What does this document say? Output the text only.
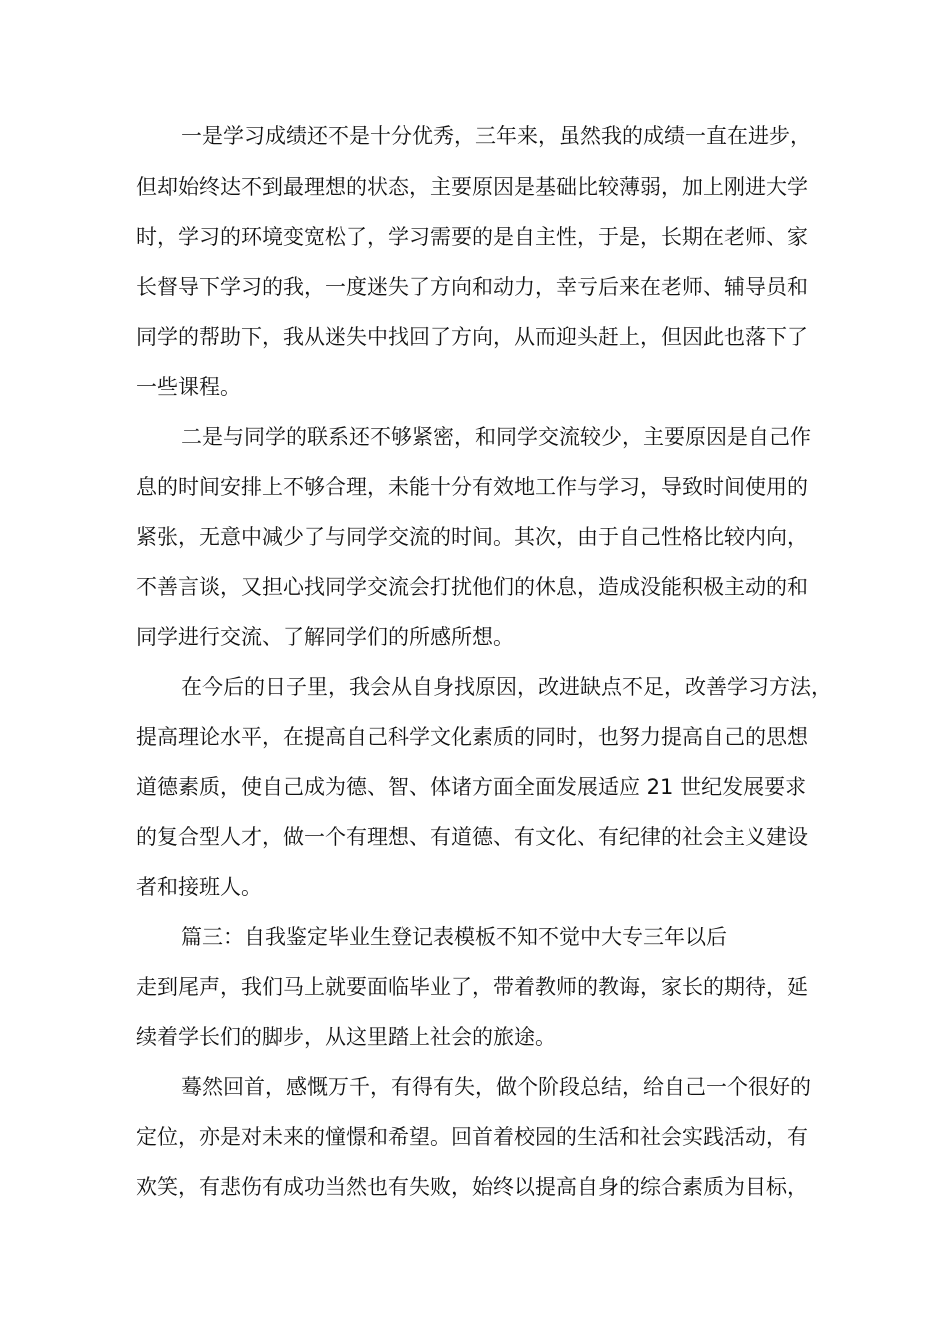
一是学习成绩还不是十分优秀，三年来，虽然我的成绩一直在进步，
但却始终达不到最理想的状态，主要原因是基础比较薄弱，加上刚进大学
时，学习的环境变宽松了，学习需要的是自主性，于是，长期在老师、家
长督导下学习的我，一度迷失了方向和动力，幸亏后来在老师、辅导员和
同学的帮助下，我从迷失中找回了方向，从而迎头赶上，但因此也落下了
一些课程。
二是与同学的联系还不够紧密，和同学交流较少，主要原因是自己作
息的时间安排上不够合理，未能十分有效地工作与学习，导致时间使用的
紧张，无意中减少了与同学交流的时间。其次，由于自己性格比较内向，
不善言谈，又担心找同学交流会打扰他们的休息，造成没能积极主动的和
同学进行交流、了解同学们的所感所想。
在今后的日子里，我会从自身找原因，改进缺点不足，改善学习方法，
提高理论水平，在提高自己科学文化素质的同时，也努力提高自己的思想
道德素质，使自己成为德、智、体诸方面全面发展适应 21 世纪发展要求
的复合型人才，做一个有理想、有道德、有文化、有纪律的社会主义建设
者和接班人。
篇三：自我鉴定毕业生登记表模板不知不觉中大专三年以后
走到尾声，我们马上就要面临毕业了，带着教师的教诲，家长的期待，延
续着学长们的脚步，从这里踏上社会的旅途。
蓦然回首，感慨万千，有得有失，做个阶段总结，给自己一个很好的
定位，亦是对未来的憧憬和希望。回首着校园的生活和社会实践活动，有
欢笑，有悲伤有成功当然也有失败，始终以提高自身的综合素质为目标，
